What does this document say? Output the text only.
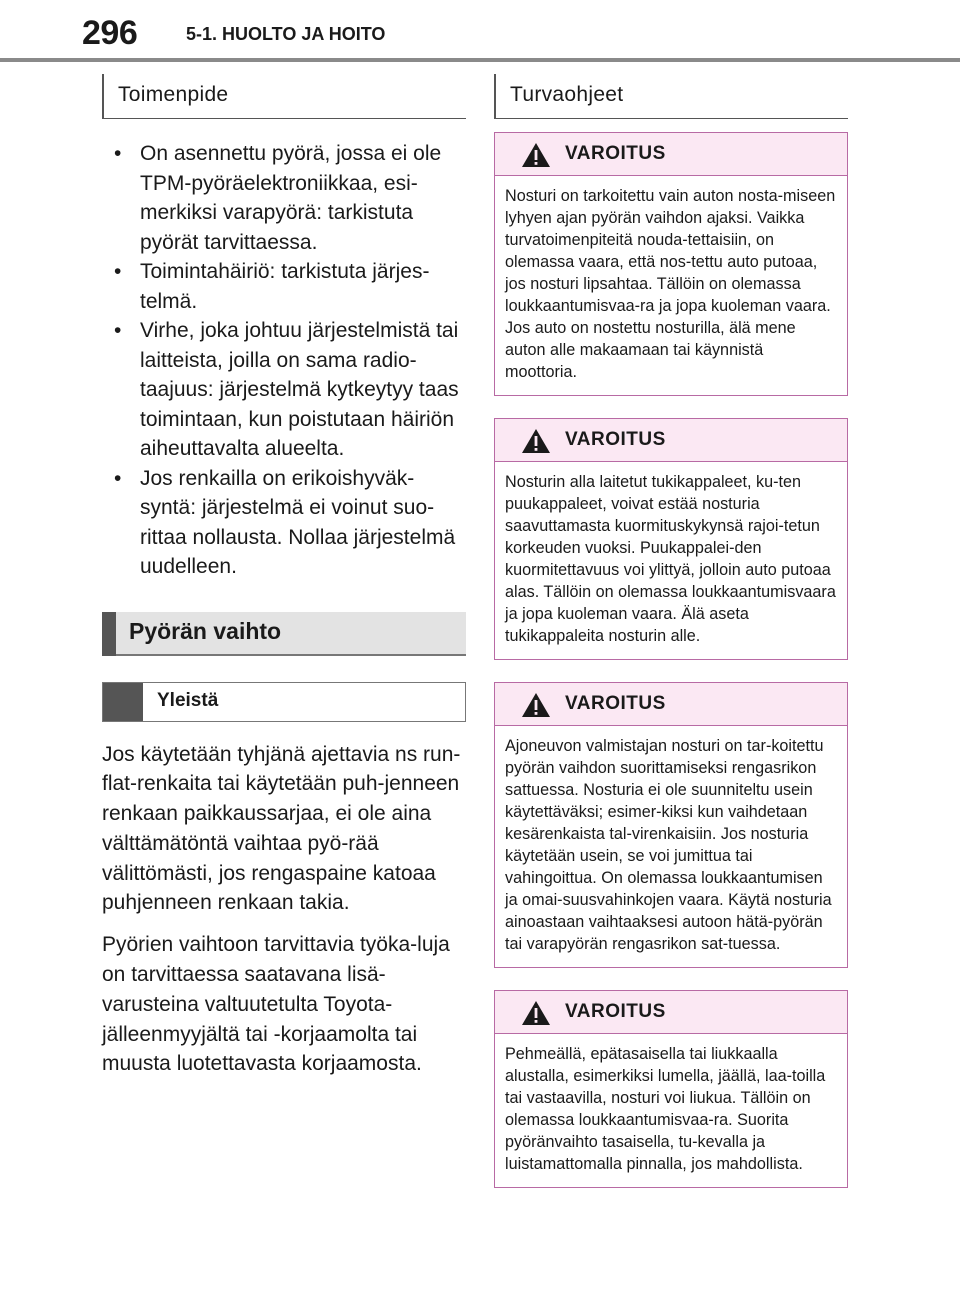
296	5-1. HUOLTO JA HOITO
Toimenpide
• On asennettu pyörä, jossa ei ole TPM-pyöräelektroniikkaa, esi-merkiksi varapyörä: tarkistuta pyörät tarvittaessa.
• Toimintahäiriö: tarkistuta järjes-telmä.
• Virhe, joka johtuu järjestelmistä tai laitteista, joilla on sama radio-taajuus: järjestelmä kytkeytyy taas toimintaan, kun poistutaan häiriön aiheuttavalta alueelta.
• Jos renkailla on erikoishyväk-syntä: järjestelmä ei voinut suo-rittaa nollausta. Nollaa järjestelmä uudelleen.
Pyörän vaihto
Yleistä

Jos käytetään tyhjänä ajettavia ns run-flat-renkaita tai käytetään puh-jenneen renkaan paikkaussarjaa, ei ole aina välttämätöntä vaihtaa pyö-rää välittömästi, jos rengaspaine katoaa puhjenneen renkaan takia.

Pyörien vaihtoon tarvittavia työka-luja on tarvittaessa saatavana lisä-varusteina valtuutetulta Toyota-jälleenmyyjältä tai -korjaamolta tai muusta luotettavasta korjaamosta.

Turvaohjeet
VAROITUS
Nosturi on tarkoitettu vain auton nosta-miseen lyhyen ajan pyörän vaihdon ajaksi. Vaikka turvatoimenpiteitä nouda-tettaisiin, on olemassa vaara, että nos-tettu auto putoaa, jos nosturi lipsahtaa. Tällöin on olemassa loukkaantumisvaa-ra ja jopa kuoleman vaara. Jos auto on nostettu nosturilla, älä mene auton alle makaamaan tai käynnistä moottoria.
VAROITUS
Nosturin alla laitetut tukikappaleet, ku-ten puukappaleet, voivat estää nosturia saavuttamasta kuormituskykynsä rajoi-tetun korkeuden vuoksi. Puukappalei-den kuormitettavuus voi ylittyä, jolloin auto putoaa alas. Tällöin on olemassa loukkaantumisvaara ja jopa kuoleman vaara. Älä aseta tukikappaleita nosturin alle.
VAROITUS
Ajoneuvon valmistajan nosturi on tar-koitettu pyörän vaihdon suorittamiseksi rengasrikon sattuessa. Nosturia ei ole suunniteltu usein käytettäväksi; esimer-kiksi kun vaihdetaan kesärenkaista tal-virenkaisiin. Jos nosturia käytetään usein, se voi jumittua tai vahingoittua. On olemassa loukkaantumisen ja omai-suusvahinkojen vaara. Käytä nosturia ainoastaan vaihtaaksesi autoon hätä-pyörän tai varapyörän rengasrikon sat-tuessa.
VAROITUS
Pehmeällä, epätasaisella tai liukkaalla alustalla, esimerkiksi lumella, jäällä, laa-toilla tai vastaavilla, nosturi voi liukua. Tällöin on olemassa loukkaantumisvaa-ra. Suorita pyöränvaihto tasaisella, tu-kevalla ja luistamattomalla pinnalla, jos mahdollista.
